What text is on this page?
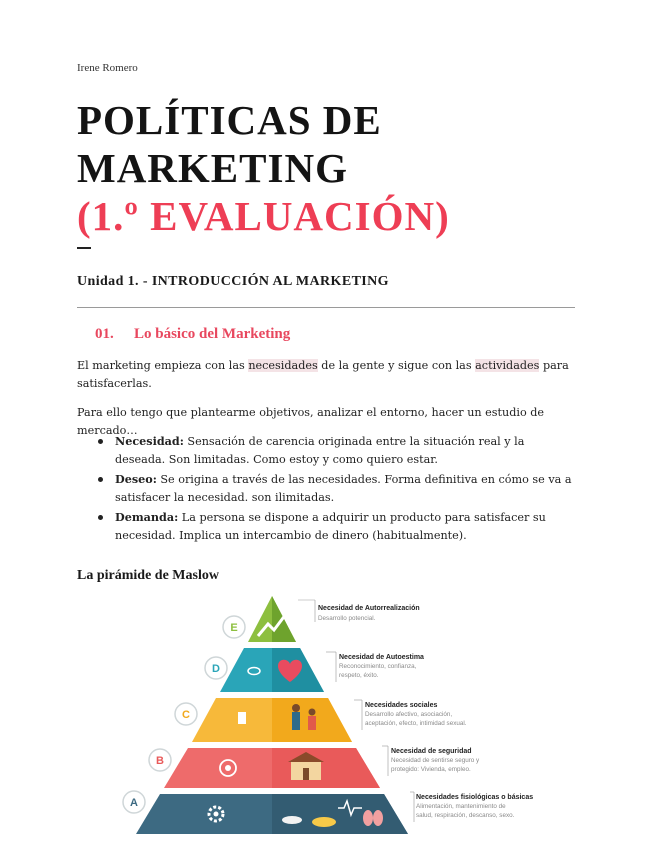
Irene Romero
POLÍTICAS DE
MARKETING
(1.º EVALUACIÓN)
Unidad 1. - INTRODUCCIÓN AL MARKETING
01. Lo básico del Marketing
El marketing empieza con las necesidades de la gente y sigue con las actividades para satisfacerlas.
Para ello tengo que plantearme objetivos, analizar el entorno, hacer un estudio de mercado…
Necesidad: Sensación de carencia originada entre la situación real y la deseada. Son limitadas. Como estoy y como quiero estar.
Deseo: Se origina a través de las necesidades. Forma definitiva en cómo se va a satisfacer la necesidad. son ilimitadas.
Demanda: La persona se dispone a adquirir un producto para satisfacer su necesidad. Implica un intercambio de dinero (habitualmente).
La pirámide de Maslow
E
Necesidad de Autorrealización
Desarrollo potencial.
D
Necesidad de Autoestima
Reconocimiento, confianza,
respeto, éxito.
C
Necesidades sociales
Desarrollo afectivo, asociación,
aceptación, efecto, intimidad sexual.
B
Necesidad de seguridad
Necesidad de sentirse seguro y
protegido: Vivienda, empleo.
A	Necesidades fisiológicas o básicas
Alimentación, mantenimiento de
salud, respiración, descanso, sexo.
